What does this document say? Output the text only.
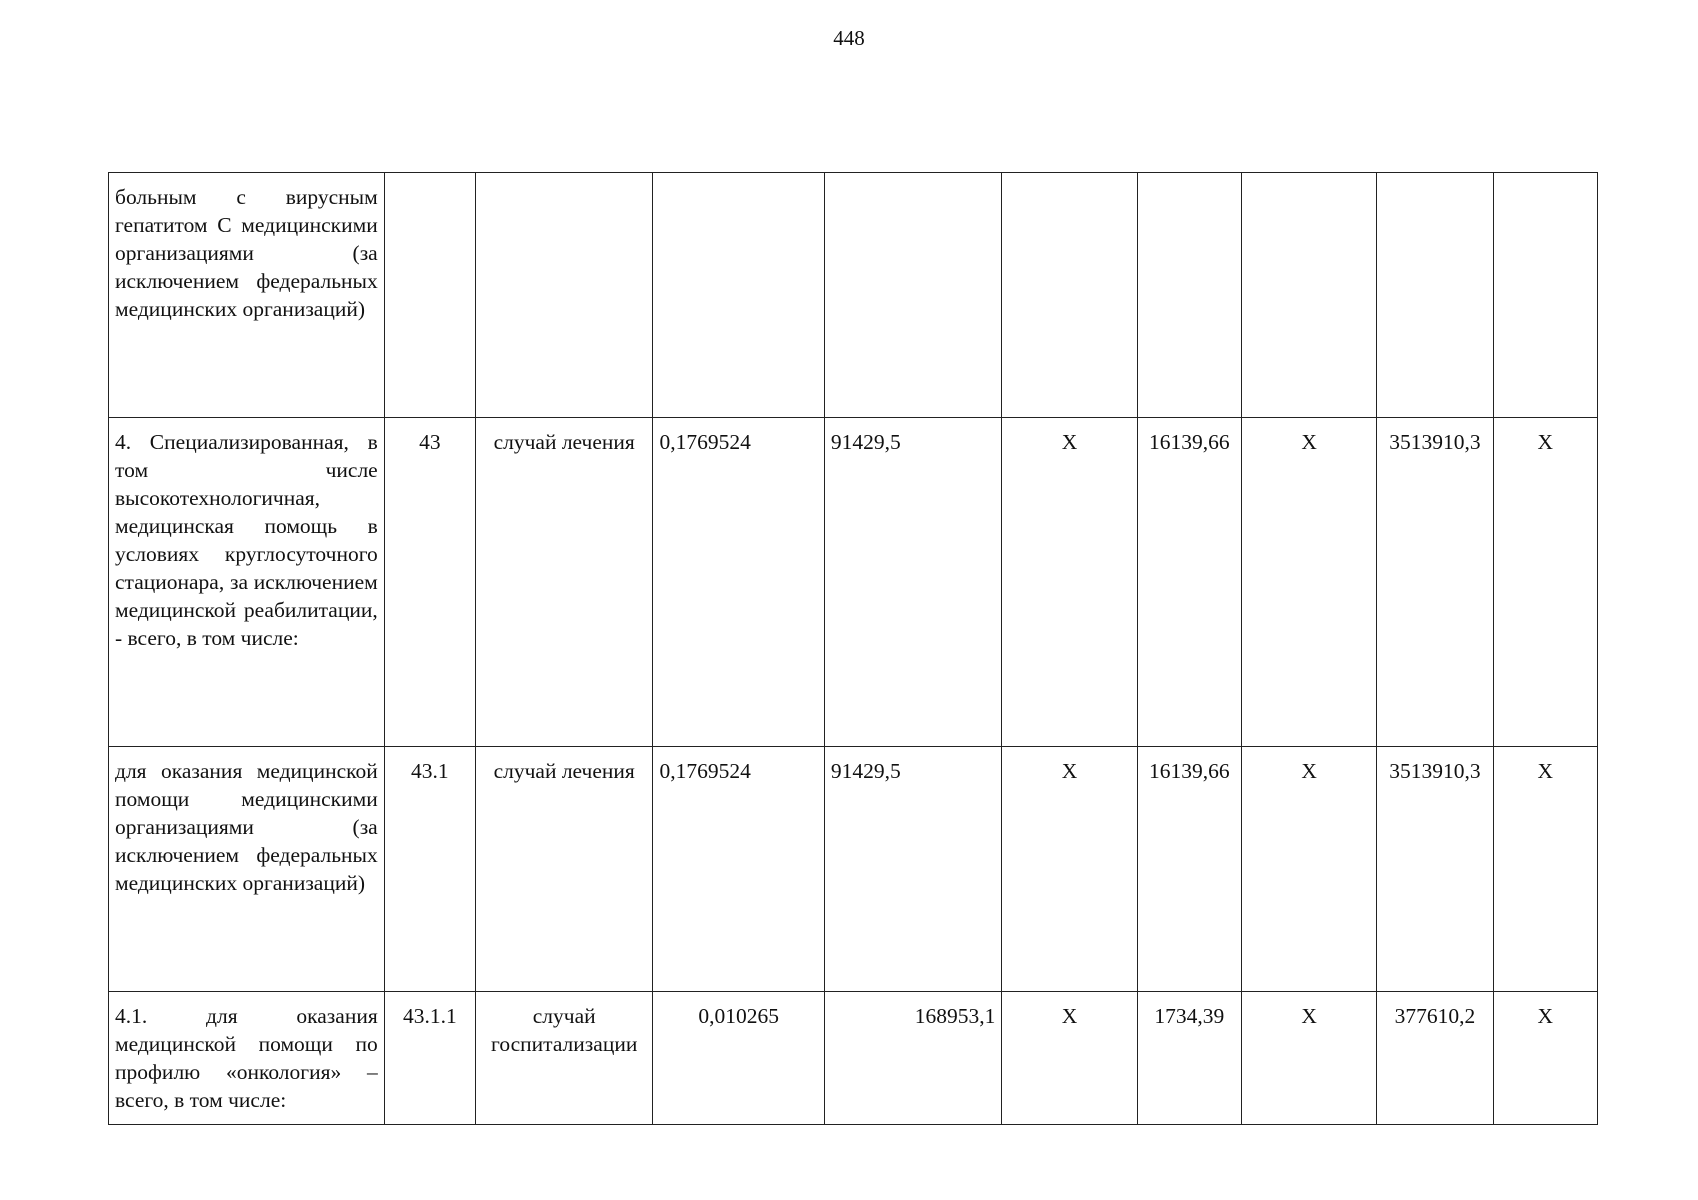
448
больным с вирусным гепатитом С медицинскими организациями (за исключением федеральных медицинских организаций)									
4. Специализированная, в том числе высокотехнологичная, медицинская помощь в условиях круглосуточного стационара, за исключением медицинской реабилитации, - всего, в том числе:	43	случай лечения	0,1769524	91429,5	Х	16139,66	Х	3513910,3	Х
для оказания медицинской помощи медицинскими организациями (за исключением федеральных медицинских организаций)	43.1	случай лечения	0,1769524	91429,5	Х	16139,66	Х	3513910,3	Х
4.1. для оказания медицинской помощи по профилю «онкология» – всего, в том числе:	43.1.1	случай госпитализации	0,010265	168953,1	Х	1734,39	Х	377610,2	Х
